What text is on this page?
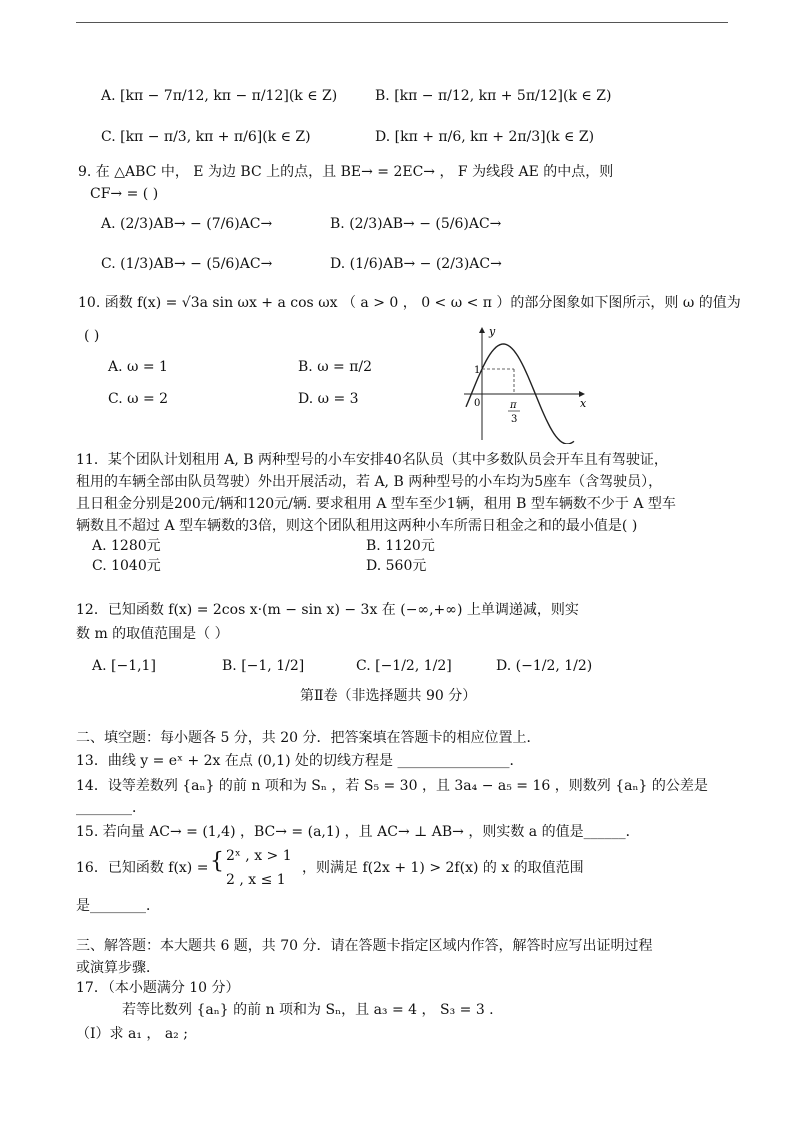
A. [kπ − 7π/12, kπ − π/12](k ∈ Z)	B. [kπ − π/12, kπ + 5π/12](k ∈ Z)
C. [kπ − π/3, kπ + π/6](k ∈ Z)	D. [kπ + π/6, kπ + 2π/3](k ∈ Z)
9. 在 △ABC 中， E 为边 BC 上的点，且 BE→ = 2EC→ ， F 为线段 AE 的中点，则
CF→ = ( )
A. (2/3)AB→ − (7/6)AC→	B. (2/3)AB→ − (5/6)AC→
C. (1/3)AB→ − (5/6)AC→	D. (1/6)AB→ − (2/3)AC→
10. 函数 f(x) = √3a sin ωx + a cos ωx （ a > 0 ， 0 < ω < π ）的部分图象如下图所示，则 ω 的值为
( )
A. ω = 1	B. ω = π/2
C. ω = 2	D. ω = 3
y
x
0
1
π
3
11．某个团队计划租用 A, B 两种型号的小车安排40名队员（其中多数队员会开车且有驾驶证，
租用的车辆全部由队员驾驶）外出开展活动，若 A, B 两种型号的小车均为5座车（含驾驶员），
且日租金分别是200元/辆和120元/辆. 要求租用 A 型车至少1辆，租用 B 型车辆数不少于 A 型车
辆数且不超过 A 型车辆数的3倍，则这个团队租用这两种小车所需日租金之和的最小值是( )
A. 1280元	B. 1120元
C. 1040元	D. 560元
12．已知函数 f(x) = 2cos x·(m − sin x) − 3x 在 (−∞,+∞) 上单调递减，则实
数 m 的取值范围是（ ）
A. [−1,1]	B. [−1, 1/2]	C. [−1/2, 1/2]	D. (−1/2, 1/2)
第Ⅱ卷（非选择题共 90 分）
二、填空题：每小题各 5 分，共 20 分．把答案填在答题卡的相应位置上．
13．曲线 y = eˣ + 2x 在点 (0,1) 处的切线方程是 ________________．
14．设等差数列 {aₙ} 的前 n 项和为 Sₙ ，若 S₅ = 30 ，且 3a₄ − a₅ = 16 ，则数列 {aₙ} 的公差是
________．
15. 若向量 AC→ = (1,4) ，BC→ = (a,1) ，且 AC→ ⊥ AB→ ，则实数 a 的值是______．
16．已知函数 f(x) = { 2ˣ , x > 1
2 , x ≤ 1
，则满足 f(2x + 1) > 2f(x) 的 x 的取值范围
是________．
三、解答题：本大题共 6 题，共 70 分．请在答题卡指定区域内作答，解答时应写出证明过程
或演算步骤．
17．（本小题满分 10 分）
若等比数列 {aₙ} 的前 n 项和为 Sₙ，且 a₃ = 4 ， S₃ = 3 .
（Ⅰ）求 a₁ ， a₂ ;
